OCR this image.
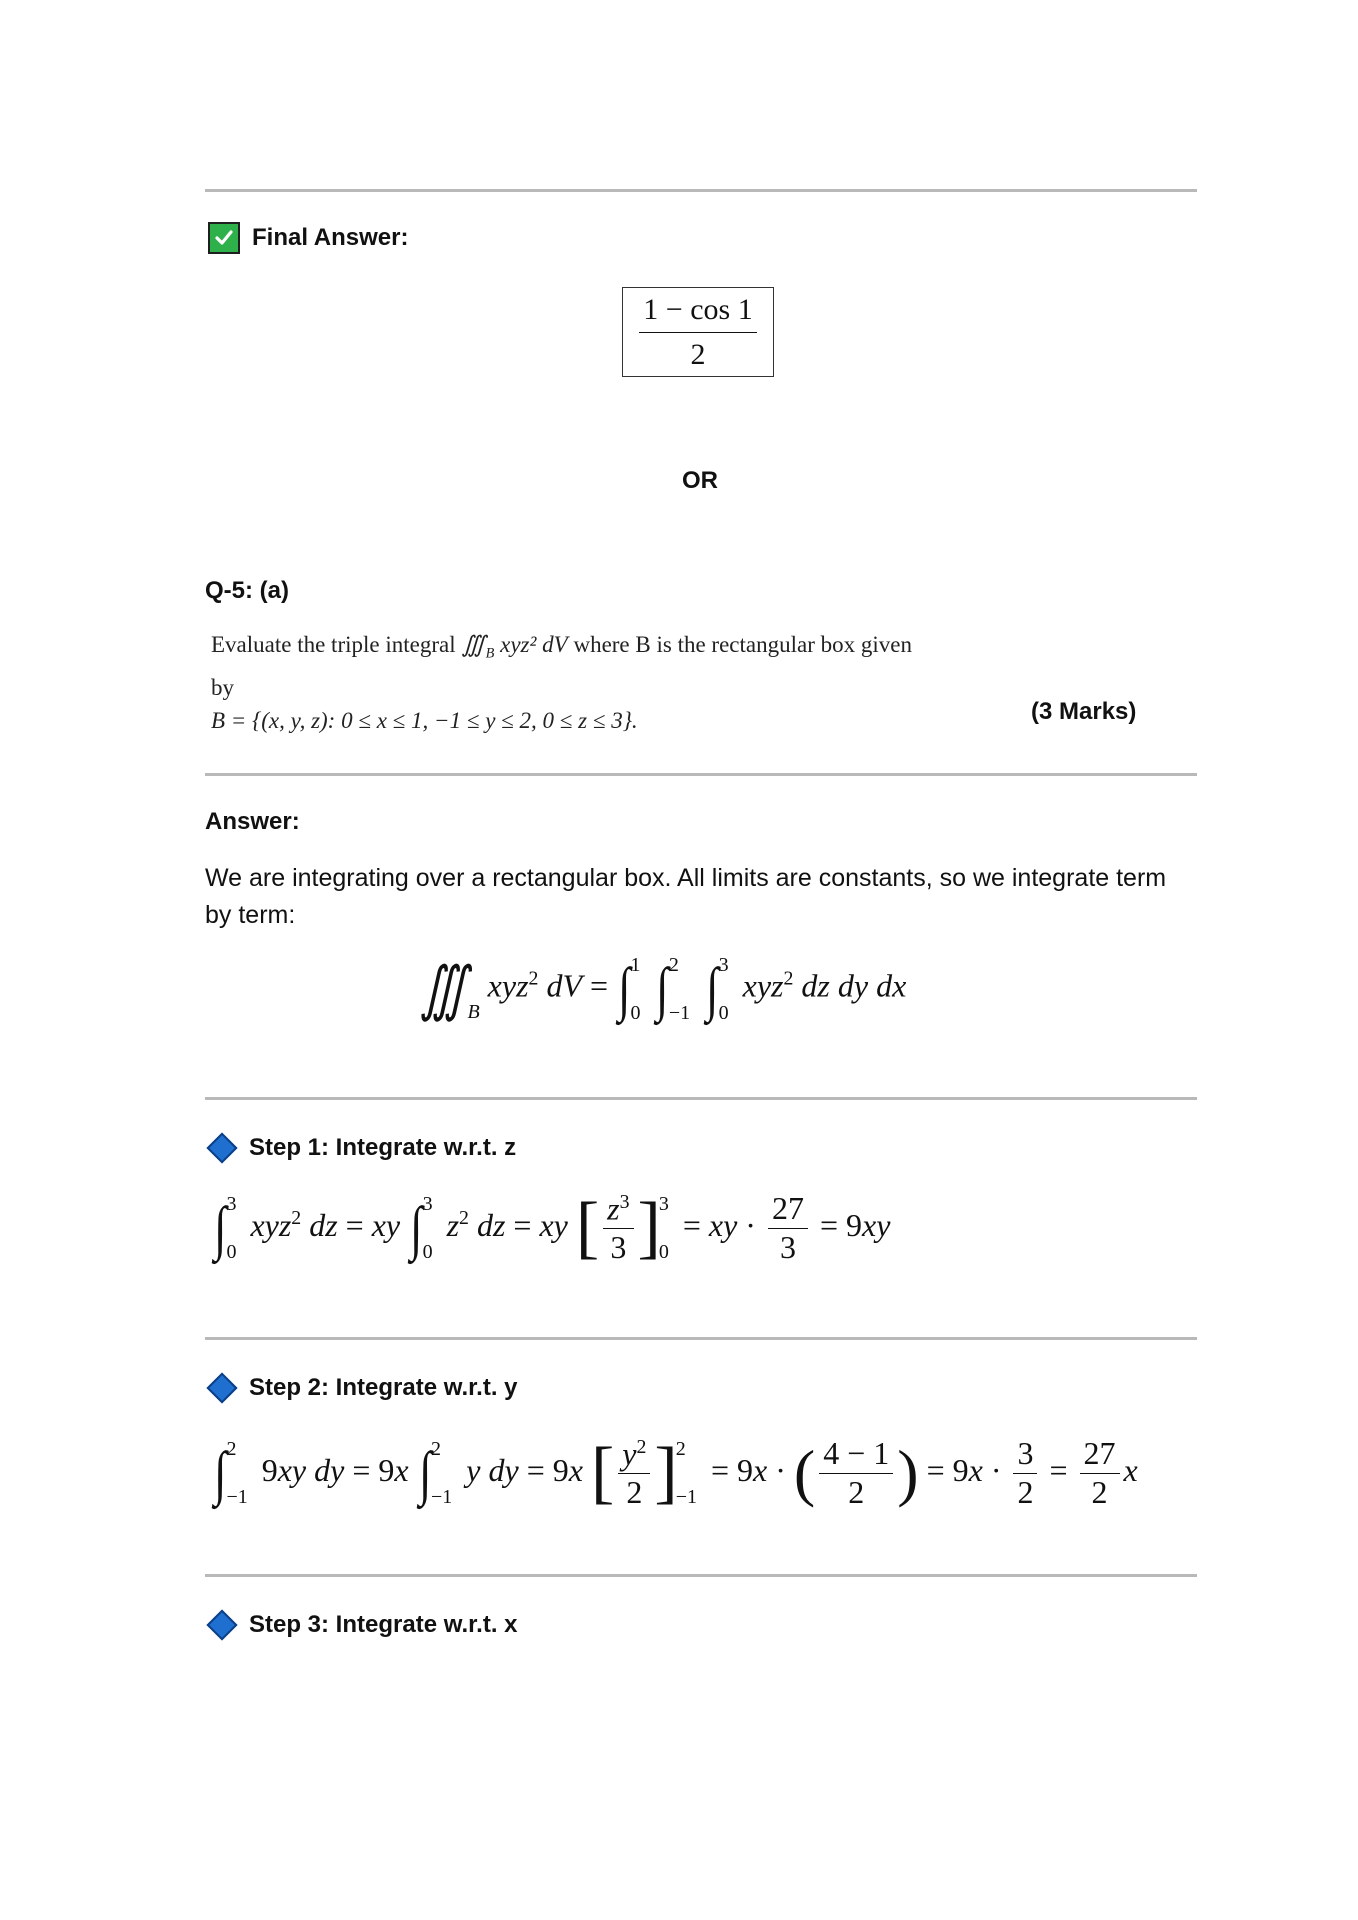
Final Answer:
$\frac{1 - \cos 1}{2}$
OR
Q-5: (a)
Evaluate the triple integral $∭_B$ xyz² dV where B is the rectangular box given
by
B = {(x, y, z): 0 ≤ x ≤ 1, −1 ≤ y ≤ 2, 0 ≤ z ≤ 3}.	(3 Marks)
Answer:
We are integrating over a rectangular box. All limits are constants, so we integrate term by term:
$∭_B$ xyz$^2$ dV = ∫ 1
0 ∫ 2
−1 ∫ 3
0
xyz$^2$ dz dy dx
Step 1: Integrate w.r.t. z
∫ 3
0
xyz$^2$ dz = xy ∫ 3
0
$z^2$ dz = xy [ $\frac{z^3}{3}$ ]
3
0
= xy · $\frac{27}{3} = 9xy$
Step 2: Integrate w.r.t. y
∫ 2
−1
9xy dy = 9x ∫ 2
−1
y dy = 9x [ $\frac{y^2}{2}$ ]
2
−1
= 9x · ( $\frac{4 - 1}{2}$ ) = $9x \cdot \frac{3}{2} = \frac{27}{2}$ x
Step 3: Integrate w.r.t. x
